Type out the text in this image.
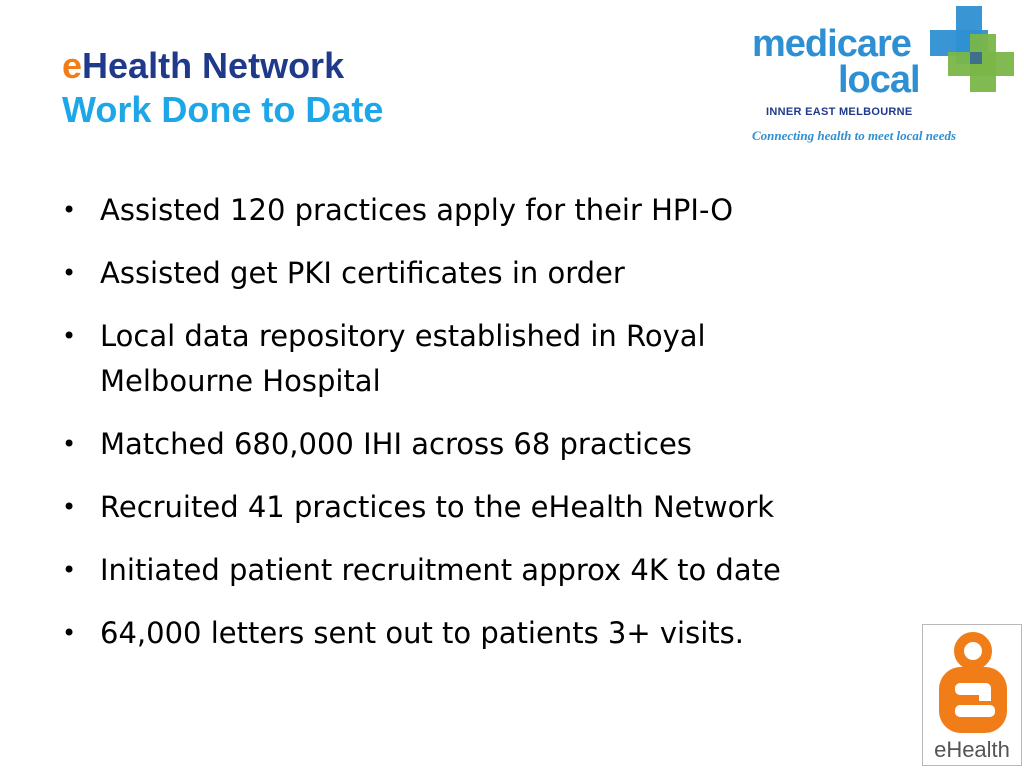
eHealth Network
Work Done to Date
medicare
local
INNER EAST MELBOURNE
Connecting health to meet local needs
• Assisted 120 practices apply for their HPI-O
• Assisted get PKI certificates in order
• Local data repository established in Royal
Melbourne Hospital
• Matched 680,000 IHI across 68 practices
• Recruited 41 practices to the eHealth Network
• Initiated patient recruitment approx 4K to date
• 64,000 letters sent out to patients 3+ visits.
eHealth
